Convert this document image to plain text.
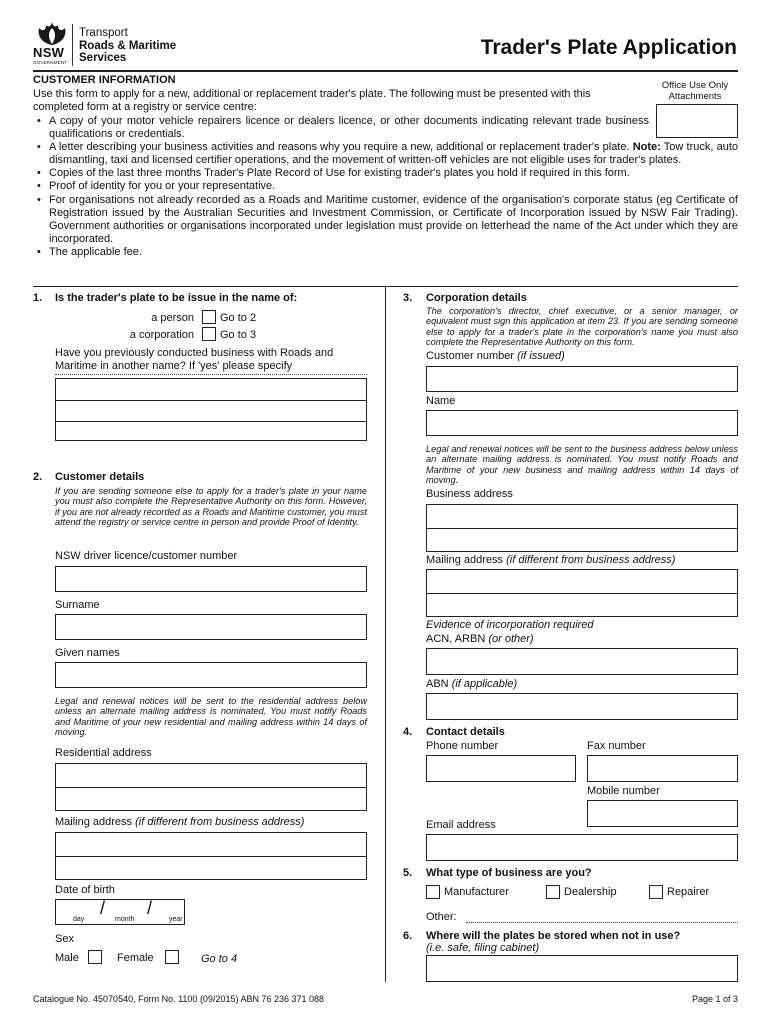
NSW
GOVERNMENT
Transport
Roads & Maritime
Services	Trader's Plate Application
Office Use Only
Attachments
CUSTOMER INFORMATION
Use this form to apply for a new, additional or replacement trader's plate. The following must be presented with this completed form at a registry or service centre:
• A copy of your motor vehicle repairers licence or dealers licence, or other documents indicating relevant trade business qualifications or credentials.
• A letter describing your business activities and reasons why you require a new, additional or replacement trader's plate. Note: Tow truck, auto dismantling, taxi and licensed certifier operations, and the movement of written-off vehicles are not eligible uses for trader's plates.
• Copies of the last three months Trader's Plate Record of Use for existing trader's plates you hold if required in this form.
• Proof of identity for you or your representative.
• For organisations not already recorded as a Roads and Maritime customer, evidence of the organisation's corporate status (eg Certificate of Registration issued by the Australian Securities and Investment Commission, or Certificate of Incorporation issued by NSW Fair Trading). Government authorities or organisations incorporated under legislation must provide on letterhead the name of the Act under which they are incorporated.
• The applicable fee.
1. Is the trader's plate to be issue in the name of:
a person Go to 2
a corporation Go to 3
Have you previously conducted business with Roads and
Maritime in another name? If 'yes' please specify
2. Customer details
If you are sending someone else to apply for a trader's plate in your name you must also complete the Representative Authority on this form. However, if you are not already recorded as a Roads and Maritime customer, you must attend the registry or service centre in person and provide Proof of Identity.
NSW driver licence/customer number
Surname
Given names
Legal and renewal notices will be sent to the residential address below unless an alternate mailing address is nominated. You must notify Roads and Maritime of your new residential and mailing address within 14 days of moving.
Residential address
Mailing address (if different from business address)
Date of birth
/ /
day	month	year
Sex
Male	Female	Go to 4
3. Corporation details
The corporation's director, chief executive, or a senior manager, or equivalent must sign this application at item 23. If you are sending someone else to apply for a trader's plate in the corporation's name you must also complete the Representative Authority on this form.
Customer number (if issued)
Name
Legal and renewal notices will be sent to the business address below unless an alternate mailing address is nominated. You must notify Roads and Maritime of your new business and mailing address within 14 days of moving.
Business address
Mailing address (if different from business address)
Evidence of incorporation required
ACN, ARBN (or other)
ABN (if applicable)
4. Contact details
Phone number	Fax number
Mobile number
Email address
5. What type of business are you?
Manufacturer	Dealership	Repairer
Other:
6. Where will the plates be stored when not in use?
(i.e. safe, filing cabinet)
Catalogue No. 45070540, Form No. 1100 (09/2015) ABN 76 236 371 088	Page 1 of 3
